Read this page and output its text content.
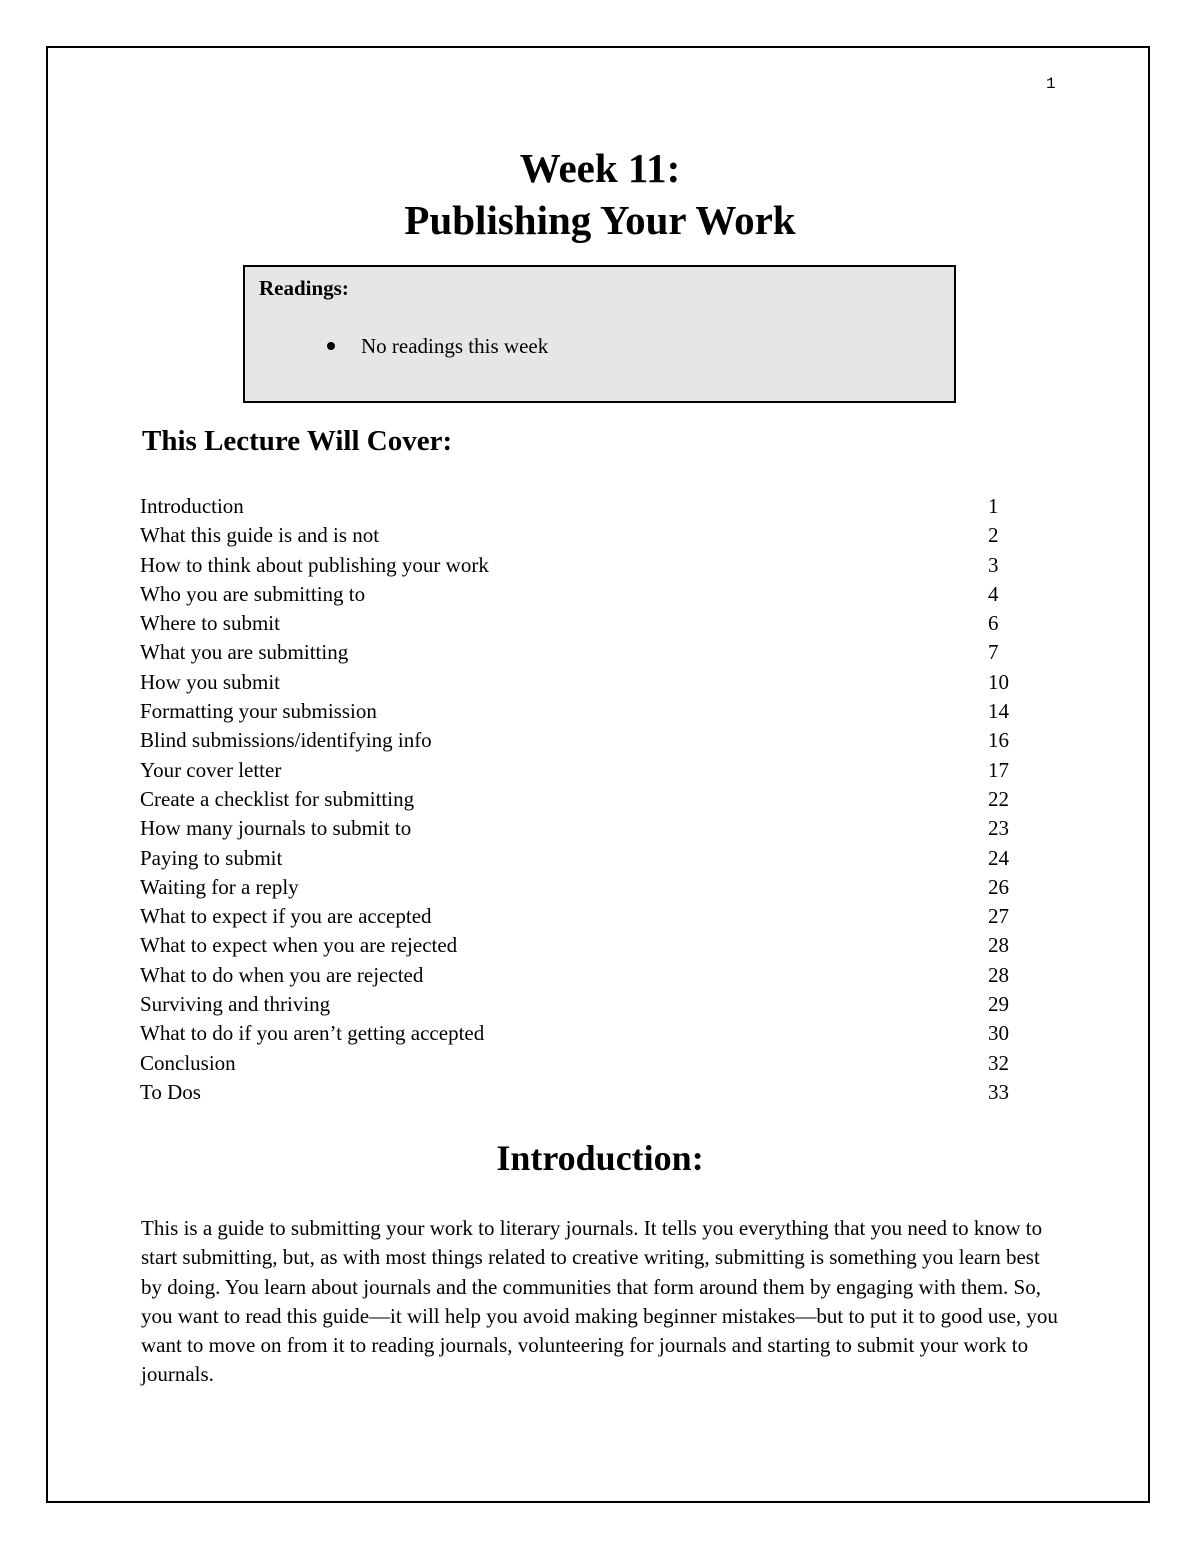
1
Week 11:
Publishing Your Work
Readings:
No readings this week
This Lecture Will Cover:
Introduction	1
What this guide is and is not	2
How to think about publishing your work	3
Who you are submitting to	4
Where to submit	6
What you are submitting	7
How you submit	10
Formatting your submission	14
Blind submissions/identifying info	16
Your cover letter	17
Create a checklist for submitting	22
How many journals to submit to	23
Paying to submit	24
Waiting for a reply	26
What to expect if you are accepted	27
What to expect when you are rejected	28
What to do when you are rejected	28
Surviving and thriving	29
What to do if you aren’t getting accepted	30
Conclusion	32
To Dos	33
Introduction:

This is a guide to submitting your work to literary journals. It tells you everything that you need to know to start submitting, but, as with most things related to creative writing, submitting is something you learn best by doing. You learn about journals and the communities that form around them by engaging with them. So, you want to read this guide—it will help you avoid making beginner mistakes—but to put it to good use, you want to move on from it to reading journals, volunteering for journals and starting to submit your work to journals.
